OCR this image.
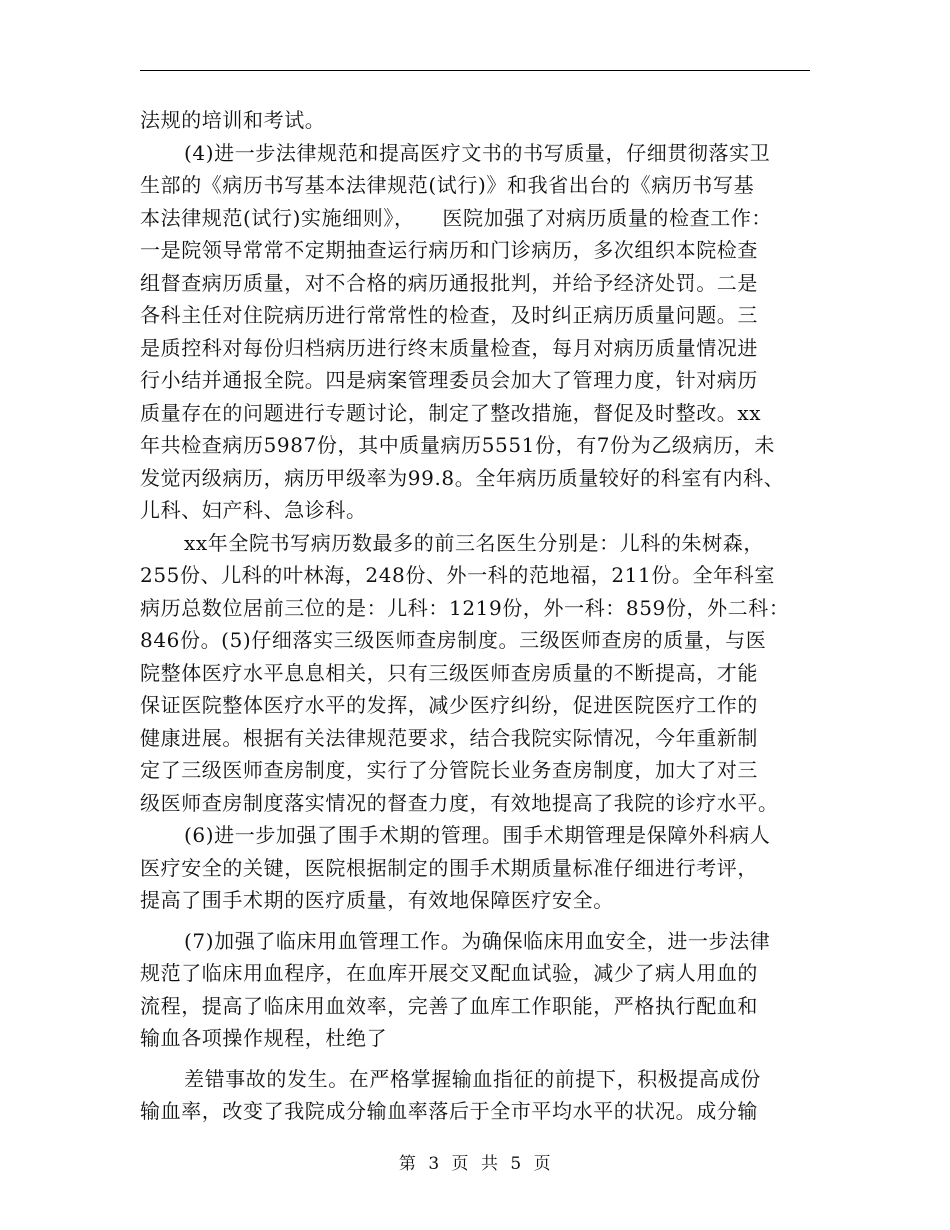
法规的培训和考试。
(4)进一步法律规范和提高医疗文书的书写质量，仔细贯彻落实卫
生部的《病历书写基本法律规范(试行)》和我省出台的《病历书写基
本法律规范(试行)实施细则》，    医院加强了对病历质量的检查工作：
一是院领导常常不定期抽查运行病历和门诊病历，多次组织本院检查
组督查病历质量，对不合格的病历通报批判，并给予经济处罚。二是
各科主任对住院病历进行常常性的检查，及时纠正病历质量问题。三
是质控科对每份归档病历进行终末质量检查，每月对病历质量情况进
行小结并通报全院。四是病案管理委员会加大了管理力度，针对病历
质量存在的问题进行专题讨论，制定了整改措施，督促及时整改。xx
年共检查病历5987份，其中质量病历5551份，有7份为乙级病历，未
发觉丙级病历，病历甲级率为99.8。全年病历质量较好的科室有内科、
儿科、妇产科、急诊科。
xx年全院书写病历数最多的前三名医生分别是：儿科的朱树森，
255份、儿科的叶林海，248份、外一科的范地福，211份。全年科室
病历总数位居前三位的是：儿科：1219份，外一科：859份，外二科：
846份。(5)仔细落实三级医师查房制度。三级医师查房的质量，与医
院整体医疗水平息息相关，只有三级医师查房质量的不断提高，才能
保证医院整体医疗水平的发挥，减少医疗纠纷，促进医院医疗工作的
健康进展。根据有关法律规范要求，结合我院实际情况，今年重新制
定了三级医师查房制度，实行了分管院长业务查房制度，加大了对三
级医师查房制度落实情况的督查力度，有效地提高了我院的诊疗水平。
(6)进一步加强了围手术期的管理。围手术期管理是保障外科病人
医疗安全的关键，医院根据制定的围手术期质量标准仔细进行考评，
提高了围手术期的医疗质量，有效地保障医疗安全。
(7)加强了临床用血管理工作。为确保临床用血安全，进一步法律
规范了临床用血程序，在血库开展交叉配血试验，减少了病人用血的
流程，提高了临床用血效率，完善了血库工作职能，严格执行配血和
输血各项操作规程，杜绝了
差错事故的发生。在严格掌握输血指征的前提下，积极提高成份
输血率，改变了我院成分输血率落后于全市平均水平的状况。成分输
第 3 页 共 5 页
